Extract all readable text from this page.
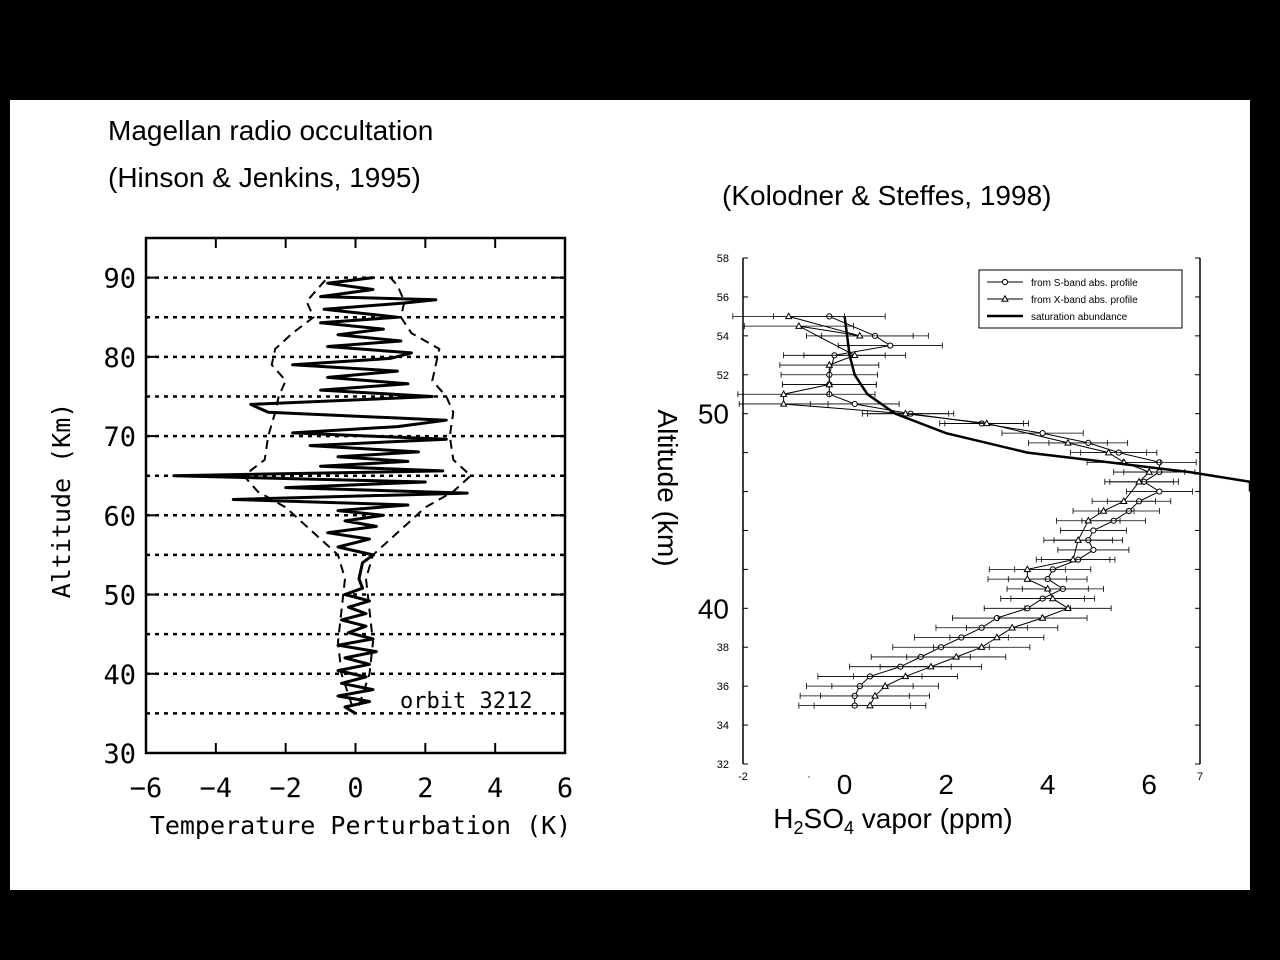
Magellan radio occultation
(Hinson & Jenkins, 1995)
(Kolodner & Steffes, 1998)
−6 −4 −2 0 2 4 6
30
40
50
60
70
80
90
Temperature Perturbation (K)
Altitude (Km)
orbit 3212
32
34
36
38
52
54
56
58
40
50
-2	7
· 0	2	4	6
$H_2SO_4$ vapor (ppm)
Altitude (km)
from S-band abs. profile
from X-band abs. profile
saturation abundance
